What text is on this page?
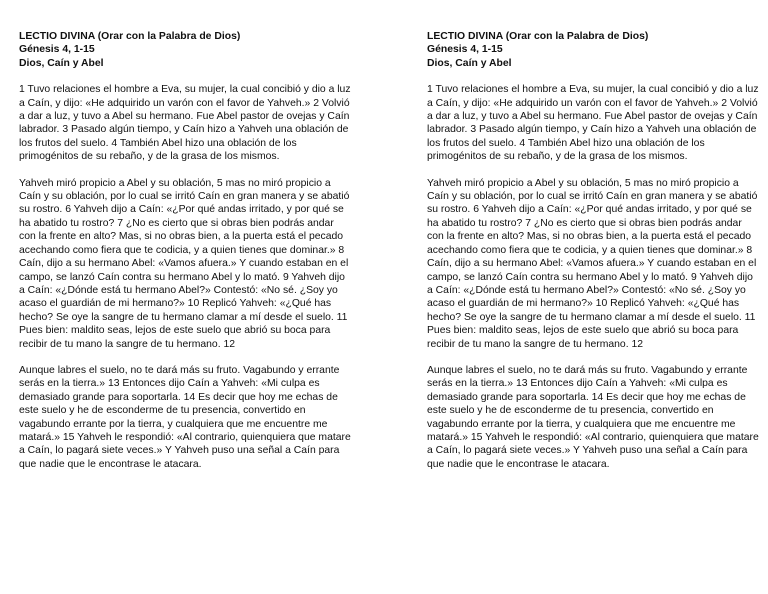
LECTIO DIVINA (Orar con la Palabra de Dios)
Génesis 4, 1-15
Dios, Caín y Abel

1 Tuvo relaciones el hombre a Eva, su mujer, la cual concibió y dio a luz a Caín, y dijo: «He adquirido un varón con el favor de Yahveh.» 2 Volvió a dar a luz, y tuvo a Abel su hermano. Fue Abel pastor de ovejas y Caín labrador. 3 Pasado algún tiempo, y Caín hizo a Yahveh una oblación de los frutos del suelo. 4 También Abel hizo una oblación de los primogénitos de su rebaño, y de la grasa de los mismos.

Yahveh miró propicio a Abel y su oblación, 5 mas no miró propicio a Caín y su oblación, por lo cual se irritó Caín en gran manera y se abatió su rostro. 6 Yahveh dijo a Caín: «¿Por qué andas irritado, y por qué se ha abatido tu rostro? 7 ¿No es cierto que si obras bien podrás andar con la frente en alto? Mas, si no obras bien, a la puerta está el pecado acechando como fiera que te codicia, y a quien tienes que dominar.» 8 Caín, dijo a su hermano Abel: «Vamos afuera.» Y cuando estaban en el campo, se lanzó Caín contra su hermano Abel y lo mató. 9 Yahveh dijo a Caín: «¿Dónde está tu hermano Abel?» Contestó: «No sé. ¿Soy yo acaso el guardián de mi hermano?» 10 Replicó Yahveh: «¿Qué has hecho? Se oye la sangre de tu hermano clamar a mí desde el suelo. 11 Pues bien: maldito seas, lejos de este suelo que abrió su boca para recibir de tu mano la sangre de tu hermano. 12

Aunque labres el suelo, no te dará más su fruto. Vagabundo y errante serás en la tierra.» 13 Entonces dijo Caín a Yahveh: «Mi culpa es demasiado grande para soportarla. 14 Es decir que hoy me echas de este suelo y he de esconderme de tu presencia, convertido en vagabundo errante por la tierra, y cualquiera que me encuentre me matará.» 15 Yahveh le respondió: «Al contrario, quienquiera que matare a Caín, lo pagará siete veces.» Y Yahveh puso una señal a Caín para que nadie que le encontrase le atacara.

LECTIO DIVINA (Orar con la Palabra de Dios)
Génesis 4, 1-15
Dios, Caín y Abel

1 Tuvo relaciones el hombre a Eva, su mujer, la cual concibió y dio a luz a Caín, y dijo: «He adquirido un varón con el favor de Yahveh.» 2 Volvió a dar a luz, y tuvo a Abel su hermano. Fue Abel pastor de ovejas y Caín labrador. 3 Pasado algún tiempo, y Caín hizo a Yahveh una oblación de los frutos del suelo. 4 También Abel hizo una oblación de los primogénitos de su rebaño, y de la grasa de los mismos.

Yahveh miró propicio a Abel y su oblación, 5 mas no miró propicio a Caín y su oblación, por lo cual se irritó Caín en gran manera y se abatió su rostro. 6 Yahveh dijo a Caín: «¿Por qué andas irritado, y por qué se ha abatido tu rostro? 7 ¿No es cierto que si obras bien podrás andar con la frente en alto? Mas, si no obras bien, a la puerta está el pecado acechando como fiera que te codicia, y a quien tienes que dominar.» 8 Caín, dijo a su hermano Abel: «Vamos afuera.» Y cuando estaban en el campo, se lanzó Caín contra su hermano Abel y lo mató. 9 Yahveh dijo a Caín: «¿Dónde está tu hermano Abel?» Contestó: «No sé. ¿Soy yo acaso el guardián de mi hermano?» 10 Replicó Yahveh: «¿Qué has hecho? Se oye la sangre de tu hermano clamar a mí desde el suelo. 11 Pues bien: maldito seas, lejos de este suelo que abrió su boca para recibir de tu mano la sangre de tu hermano. 12

Aunque labres el suelo, no te dará más su fruto. Vagabundo y errante serás en la tierra.» 13 Entonces dijo Caín a Yahveh: «Mi culpa es demasiado grande para soportarla. 14 Es decir que hoy me echas de este suelo y he de esconderme de tu presencia, convertido en vagabundo errante por la tierra, y cualquiera que me encuentre me matará.» 15 Yahveh le respondió: «Al contrario, quienquiera que matare a Caín, lo pagará siete veces.» Y Yahveh puso una señal a Caín para que nadie que le encontrase le atacara.
